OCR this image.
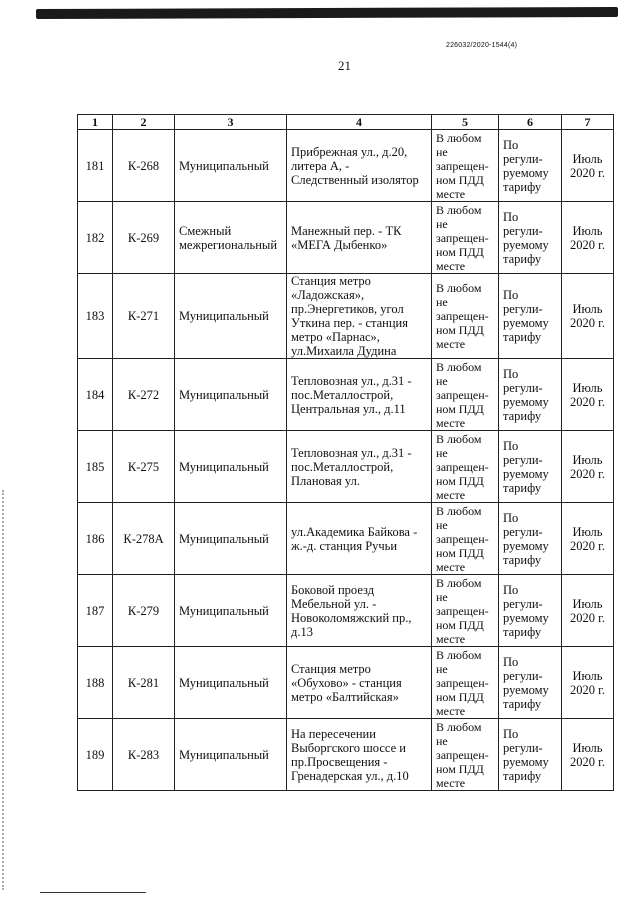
226032/2020-1544(4)
21
1	2	3	4	5	6	7
181	К-268	Муниципальный	Прибрежная ул., д.20, литера А, - Следственный изолятор	В любом не запрещен-ном ПДД месте	По регули-руемому тарифу	Июль 2020 г.
182	К-269	Смежный межрегиональный	Манежный пер. - ТК «МЕГА Дыбенко»	В любом не запрещен-ном ПДД месте	По регули-руемому тарифу	Июль 2020 г.
183	К-271	Муниципальный	Станция метро «Ладожская», пр.Энергетиков, угол Уткина пер. - станция метро «Парнас», ул.Михаила Дудина	В любом не запрещен-ном ПДД месте	По регули-руемому тарифу	Июль 2020 г.
184	К-272	Муниципальный	Тепловозная ул., д.31 - пос.Металлострой, Центральная ул., д.11	В любом не запрещен-ном ПДД месте	По регули-руемому тарифу	Июль 2020 г.
185	К-275	Муниципальный	Тепловозная ул., д.31 - пос.Металлострой, Плановая ул.	В любом не запрещен-ном ПДД месте	По регули-руемому тарифу	Июль 2020 г.
186	К-278А	Муниципальный	ул.Академика Байкова - ж.-д. станция Ручьи	В любом не запрещен-ном ПДД месте	По регули-руемому тарифу	Июль 2020 г.
187	К-279	Муниципальный	Боковой проезд Мебельной ул. - Новоколомяжский пр., д.13	В любом не запрещен-ном ПДД месте	По регули-руемому тарифу	Июль 2020 г.
188	К-281	Муниципальный	Станция метро «Обухово» - станция метро «Балтийская»	В любом не запрещен-ном ПДД месте	По регули-руемому тарифу	Июль 2020 г.
189	К-283	Муниципальный	На пересечении Выборгского шоссе и пр.Просвещения - Гренадерская ул., д.10	В любом не запрещен-ном ПДД месте	По регули-руемому тарифу	Июль 2020 г.
